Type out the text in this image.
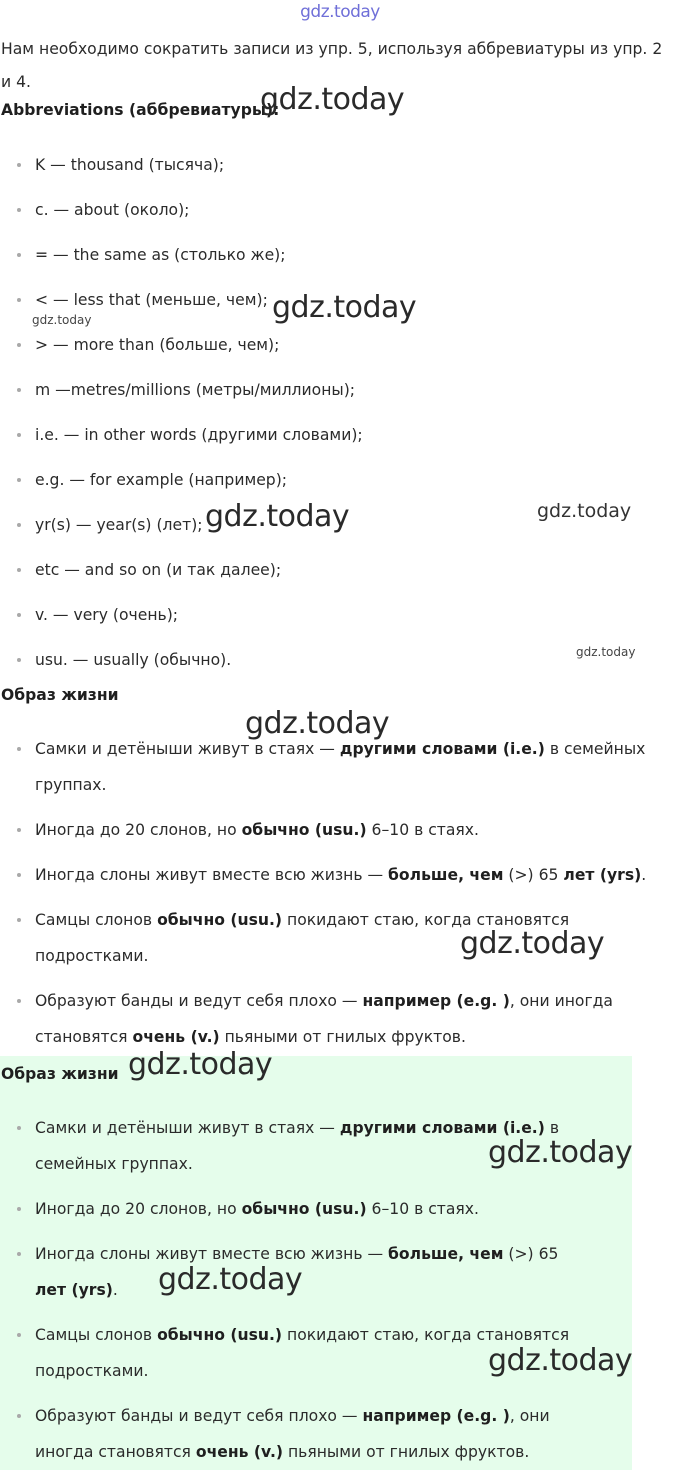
gdz.today
Нам необходимо сократить записи из упр. 5, используя аббревиатуры из упр. 2 и 4.
Abbreviations (аббревиатуры):
K — thousand (тысяча);
c. — about (около);
= — the same as (столько же);
< — less that (меньше, чем);
> — more than (больше, чем);
m —metres/millions (метры/миллионы);
i.e. — in other words (другими словами);
e.g. — for example (например);
yr(s) — year(s) (лет);
etc — and so on (и так далее);
v. — very (очень);
usu. — usually (обычно).
Образ жизни
Самки и детёныши живут в стаях — другими словами (i.e.) в семейных группах.
Иногда до 20 слонов, но обычно (usu.) 6–10 в стаях.
Иногда слоны живут вместе всю жизнь — больше, чем (>) 65 лет (yrs).
Самцы слонов обычно (usu.) покидают стаю, когда становятся подростками.
Образуют банды и ведут себя плохо — например (e.g. ), они иногда становятся очень (v.) пьяными от гнилых фруктов.
Образ жизни
Самки и детёныши живут в стаях — другими словами (i.e.) в семейных группах.
Иногда до 20 слонов, но обычно (usu.) 6–10 в стаях.
Иногда слоны живут вместе всю жизнь — больше, чем (>) 65 лет (yrs).
Самцы слонов обычно (usu.) покидают стаю, когда становятся подростками.
Образуют банды и ведут себя плохо — например (e.g. ), они иногда становятся очень (v.) пьяными от гнилых фруктов.
gdz.today
gdz.today
gdz.today
gdz.today	gdz.today
gdz.today
gdz.today
gdz.today
gdz.today
gdz.today
gdz.today
gdz.today
